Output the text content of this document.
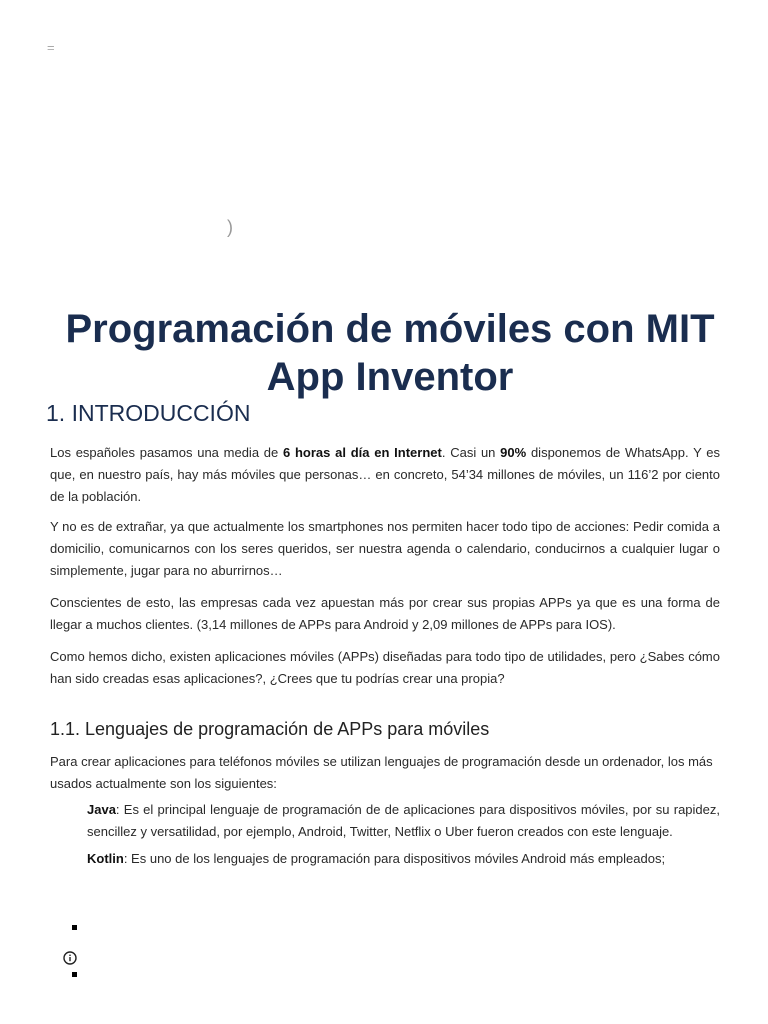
=
)
Programación de móviles con MIT App Inventor
1. INTRODUCCIÓN

Los españoles pasamos una media de 6 horas al día en Internet. Casi un 90% disponemos de WhatsApp. Y es que, en nuestro país, hay más móviles que personas… en concreto, 54’34 millones de móviles, un 116’2 por ciento de la población.

Y no es de extrañar, ya que actualmente los smartphones nos permiten hacer todo tipo de acciones: Pedir comida a domicilio, comunicarnos con los seres queridos, ser nuestra agenda o calendario, conducirnos a cualquier lugar o simplemente, jugar para no aburrirnos…

Conscientes de esto, las empresas cada vez apuestan más por crear sus propias APPs ya que es una forma de llegar a muchos clientes. (3,14 millones de APPs para Android y 2,09 millones de APPs para IOS).

Como hemos dicho, existen aplicaciones móviles (APPs) diseñadas para todo tipo de utilidades, pero ¿Sabes cómo han sido creadas esas aplicaciones?, ¿Crees que tu podrías crear una propia?

1.1. Lenguajes de programación de APPs para móviles

Para crear aplicaciones para teléfonos móviles se utilizan lenguajes de programación desde un ordenador, los más usados actualmente son los siguientes:

Java: Es el principal lenguaje de programación de de aplicaciones para dispositivos móviles, por su rapidez, sencillez y versatilidad, por ejemplo, Android, Twitter, Netflix o Uber fueron creados con este lenguaje.

Kotlin: Es uno de los lenguajes de programación para dispositivos móviles Android más empleados;
